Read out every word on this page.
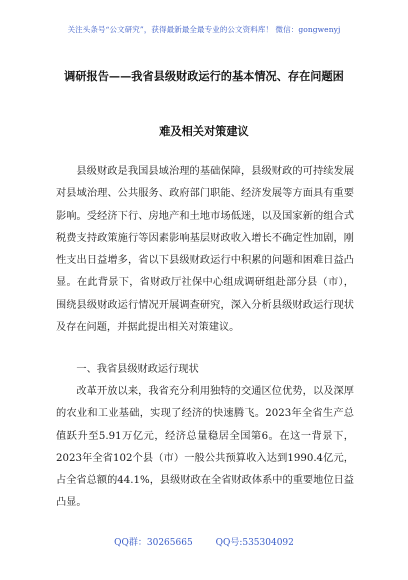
关注头条号“公文研究”，获得最新最全最专业的公文资料库！ 微信：gongwenyj
调研报告——我省县级财政运行的基本情况、存在问题困
难及相关对策建议

县级财政是我国县域治理的基础保障，县级财政的可持续发展对县域治理、公共服务、政府部门职能、经济发展等方面具有重要影响。受经济下行、房地产和土地市场低迷，以及国家新的组合式税费支持政策施行等因素影响基层财政收入增长不确定性加剧，刚性支出日益增多，省以下县级财政运行中积累的问题和困难日益凸显。在此背景下，省财政厅社保中心组成调研组赴部分县（市），围绕县级财政运行情况开展调查研究，深入分析县级财政运行现状及存在问题，并据此提出相关对策建议。

一、我省县级财政运行现状

改革开放以来，我省充分利用独特的交通区位优势，以及深厚的农业和工业基础，实现了经济的快速腾飞。2023年全省生产总值跃升至5.91万亿元，经济总量稳居全国第6。在这一背景下，2023年全省102个县（市）一般公共预算收入达到1990.4亿元，占全省总额的44.1%，县级财政在全省财政体系中的重要地位日益凸显。

QQ群：30265665	QQ号:535304092
